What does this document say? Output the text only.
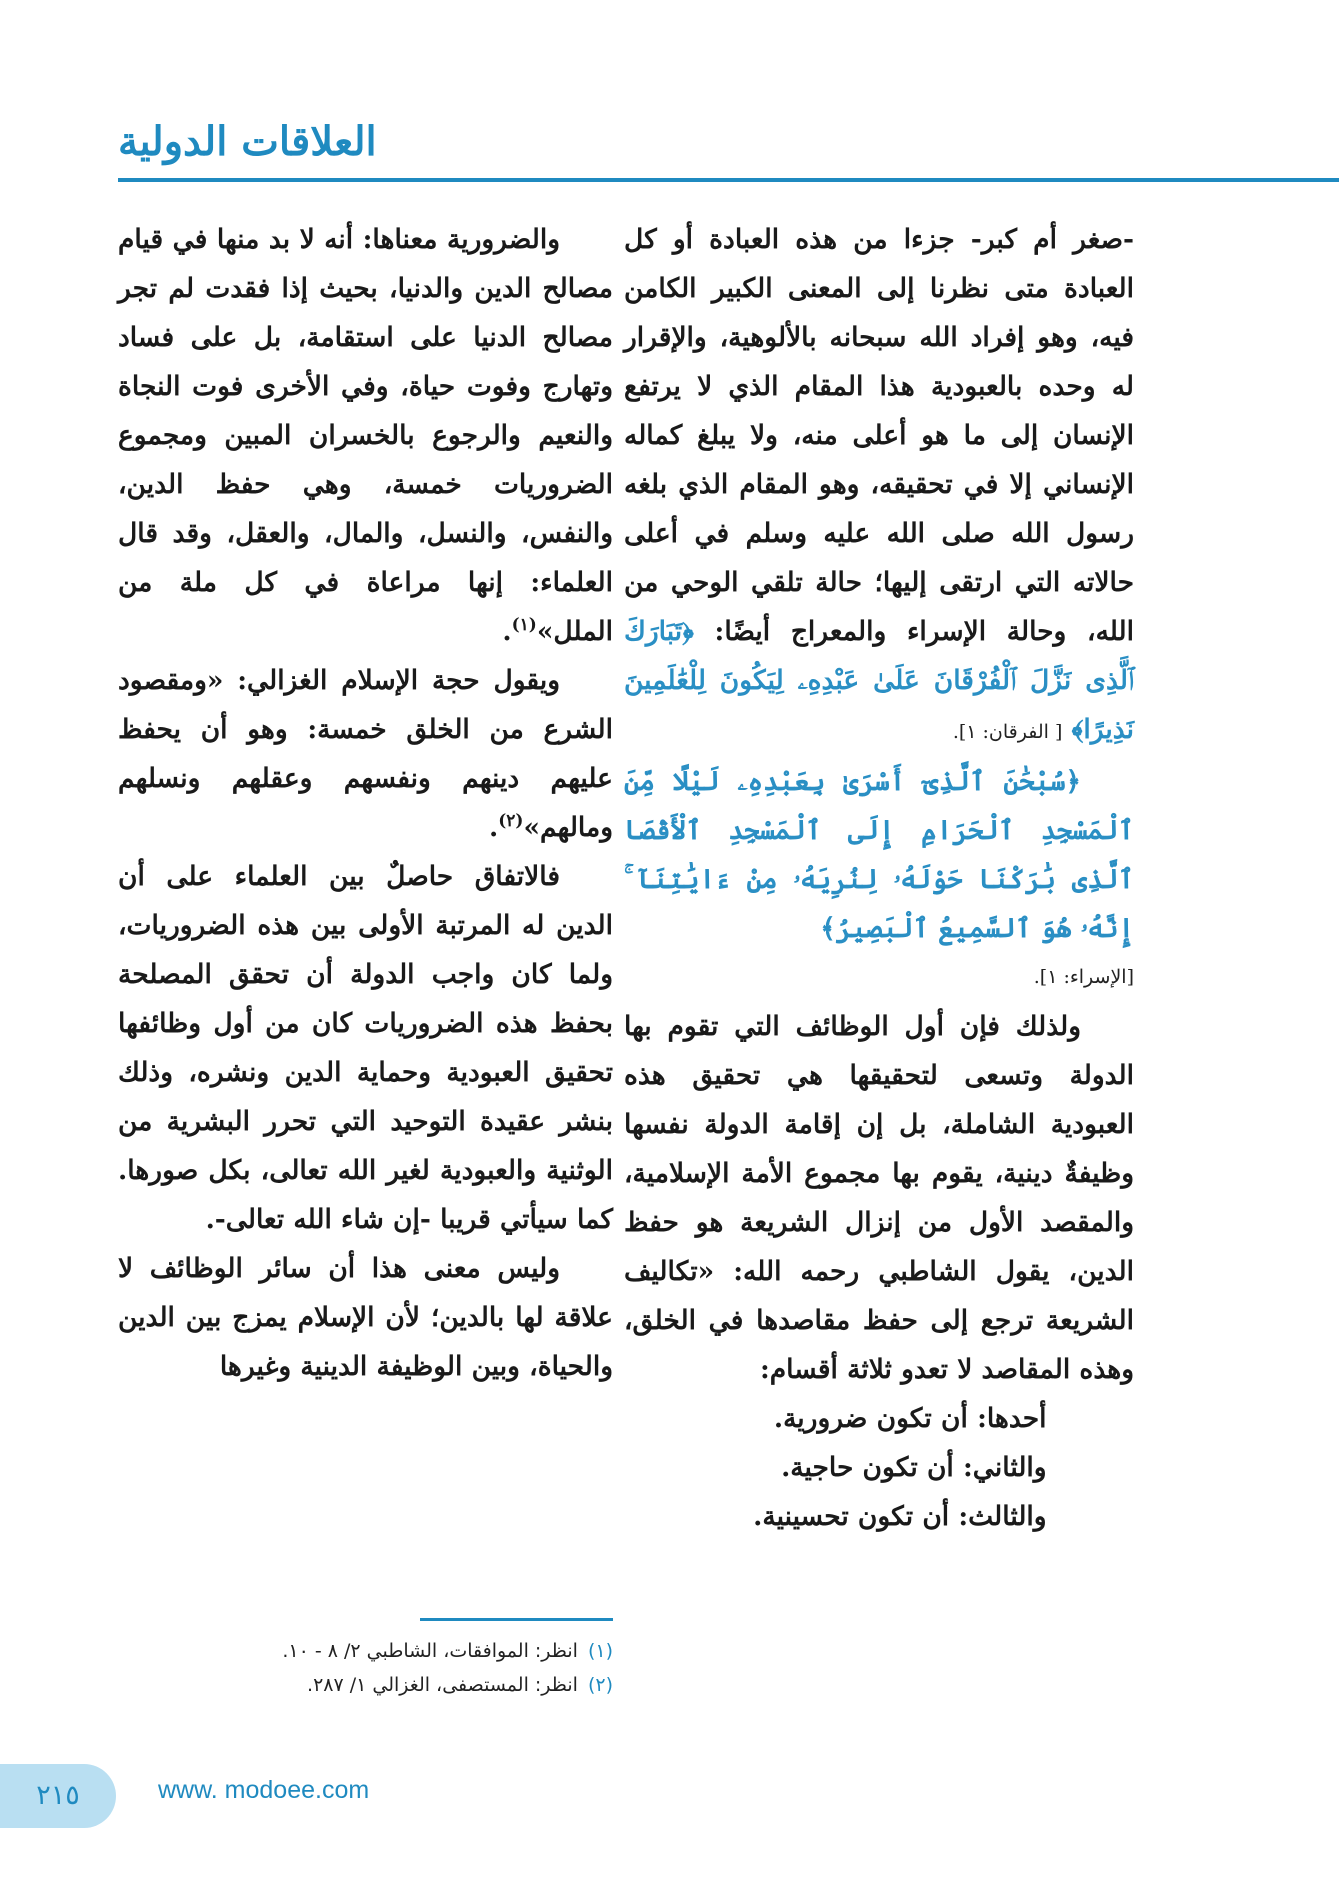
العلاقات الدولية

-صغر أم كبر- جزءا من هذه العبادة أو كل العبادة متى نظرنا إلى المعنى الكبير الكامن فيه، وهو إفراد الله سبحانه بالألوهية، والإقرار له وحده بالعبودية هذا المقام الذي لا يرتفع الإنسان إلى ما هو أعلى منه، ولا يبلغ كماله الإنساني إلا في تحقيقه، وهو المقام الذي بلغه رسول الله صلى الله عليه وسلم في أعلى حالاته التي ارتقى إليها؛ حالة تلقي الوحي من الله، وحالة الإسراء والمعراج أيضًا: ﴿تَبَارَكَ ٱلَّذِى نَزَّلَ ٱلْفُرْقَانَ عَلَىٰ عَبْدِهِۦ لِيَكُونَ لِلْعَٰلَمِينَ نَذِيرًا﴾ [ الفرقان: ١].

﴿سُبْحَٰنَ ٱلَّذِىٓ أَسْرَىٰ بِعَبْدِهِۦ لَيْلًا مِّنَ ٱلْمَسْجِدِ ٱلْحَرَامِ إِلَى ٱلْمَسْجِدِ ٱلْأَقْصَا ٱلَّذِى بَٰرَكْنَا حَوْلَهُۥ لِنُرِيَهُۥ مِنْ ءَايَٰتِنَآ ۚ إِنَّهُۥ هُوَ ٱلسَّمِيعُ ٱلْبَصِيرُ﴾

[الإسراء: ١].

ولذلك فإن أول الوظائف التي تقوم بها الدولة وتسعى لتحقيقها هي تحقيق هذه العبودية الشاملة، بل إن إقامة الدولة نفسها وظيفةٌ دينية، يقوم بها مجموع الأمة الإسلامية، والمقصد الأول من إنزال الشريعة هو حفظ الدين، يقول الشاطبي رحمه الله: «تكاليف الشريعة ترجع إلى حفظ مقاصدها في الخلق، وهذه المقاصد لا تعدو ثلاثة أقسام:

أحدها: أن تكون ضرورية.

والثاني: أن تكون حاجية.

والثالث: أن تكون تحسينية.

والضرورية معناها: أنه لا بد منها في قيام مصالح الدين والدنيا، بحيث إذا فقدت لم تجر مصالح الدنيا على استقامة، بل على فساد وتهارج وفوت حياة، وفي الأخرى فوت النجاة والنعيم والرجوع بالخسران المبين ومجموع الضروريات خمسة، وهي حفظ الدين، والنفس، والنسل، والمال، والعقل، وقد قال العلماء: إنها مراعاة في كل ملة من الملل»$^{(١)}$.

ويقول حجة الإسلام الغزالي: «ومقصود الشرع من الخلق خمسة: وهو أن يحفظ عليهم دينهم ونفسهم وعقلهم ونسلهم ومالهم»$^{(٢)}$.

فالاتفاق حاصلٌ بين العلماء على أن الدين له المرتبة الأولى بين هذه الضروريات، ولما كان واجب الدولة أن تحقق المصلحة بحفظ هذه الضروريات كان من أول وظائفها تحقيق العبودية وحماية الدين ونشره، وذلك بنشر عقيدة التوحيد التي تحرر البشرية من الوثنية والعبودية لغير الله تعالى، بكل صورها. كما سيأتي قريبا -إن شاء الله تعالى-.

وليس معنى هذا أن سائر الوظائف لا علاقة لها بالدين؛ لأن الإسلام يمزج بين الدين والحياة، وبين الوظيفة الدينية وغيرها

(١)انظر: الموافقات، الشاطبي ٢/ ٨ - ١٠.
(٢)انظر: المستصفى، الغزالي ١/ ٢٨٧.
٢١٥	www. modoee.com
